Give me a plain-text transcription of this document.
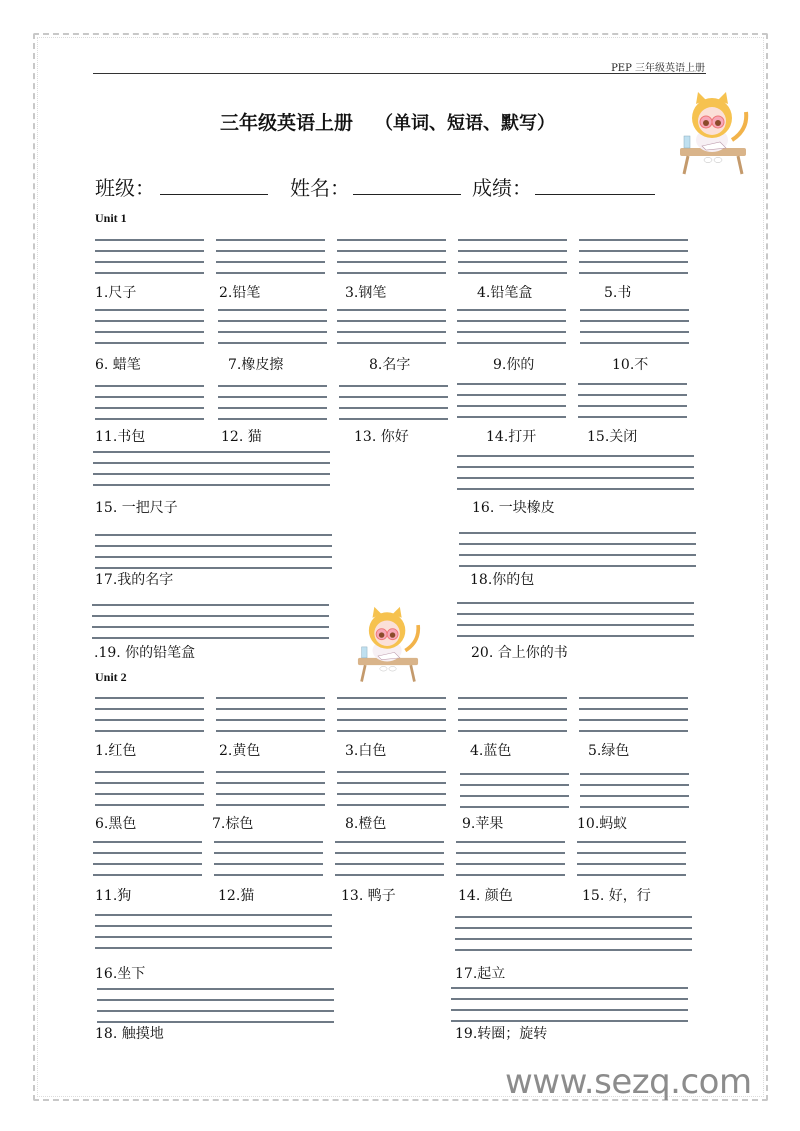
PEP 三年级英语上册
三年级英语上册 （单词、短语、默写）
班级：	姓名：	成绩：
Unit 1
1.尺子	2.铅笔	3.钢笔	4.铅笔盒	5.书
6. 蜡笔	7.橡皮擦	8.名字	9.你的	10.不
11.书包	12. 猫	13. 你好	14.打开	15.关闭
15. 一把尺子	16. 一块橡皮
17.我的名字	18.你的包
.19. 你的铅笔盒	20. 合上你的书
Unit 2
1.红色	2.黄色	3.白色	4.蓝色	5.绿色
6.黑色	7.棕色	8.橙色	9.苹果	10.蚂蚁
11.狗	12.猫	13. 鸭子	14. 颜色	15. 好，行
16.坐下	17.起立
18. 触摸地	19.转圈；旋转
www.sezq.com
